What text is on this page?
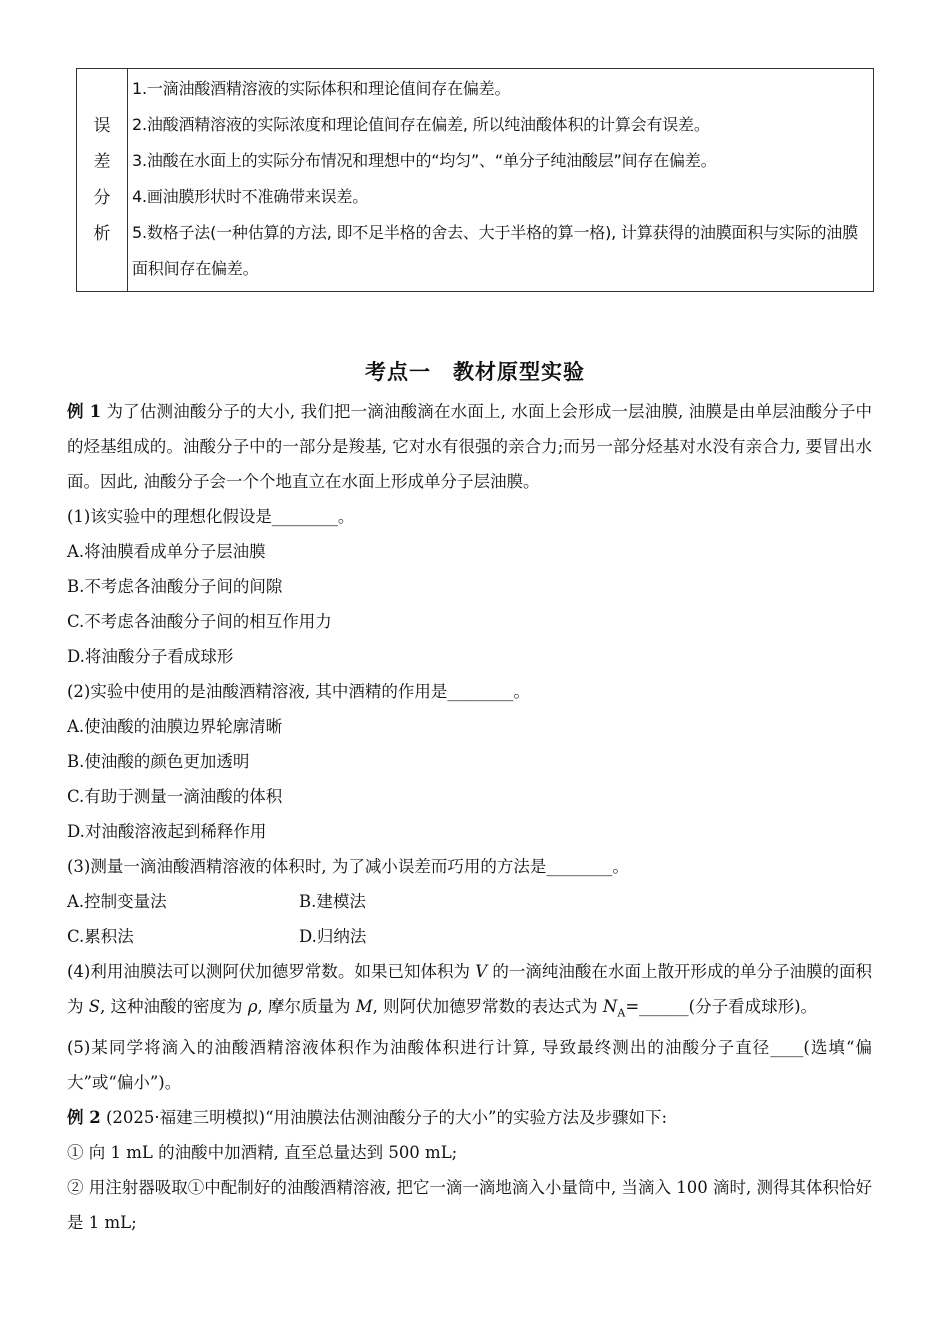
误
差
分
析

1.一滴油酸酒精溶液的实际体积和理论值间存在偏差。

2.油酸酒精溶液的实际浓度和理论值间存在偏差, 所以纯油酸体积的计算会有误差。

3.油酸在水面上的实际分布情况和理想中的“均匀”、“单分子纯油酸层”间存在偏差。

4.画油膜形状时不准确带来误差。

5.数格子法(一种估算的方法, 即不足半格的舍去、大于半格的算一格), 计算获得的油膜面积与实际的油膜面积间存在偏差。

考点一　教材原型实验

例 1 为了估测油酸分子的大小, 我们把一滴油酸滴在水面上, 水面上会形成一层油膜, 油膜是由单层油酸分子中的烃基组成的。油酸分子中的一部分是羧基, 它对水有很强的亲合力;而另一部分烃基对水没有亲合力, 要冒出水面。因此, 油酸分子会一个个地直立在水面上形成单分子层油膜。

(1)该实验中的理想化假设是________。

A.将油膜看成单分子层油膜

B.不考虑各油酸分子间的间隙

C.不考虑各油酸分子间的相互作用力

D.将油酸分子看成球形

(2)实验中使用的是油酸酒精溶液, 其中酒精的作用是________。

A.使油酸的油膜边界轮廓清晰

B.使油酸的颜色更加透明

C.有助于测量一滴油酸的体积

D.对油酸溶液起到稀释作用

(3)测量一滴油酸酒精溶液的体积时, 为了减小误差而巧用的方法是________。

A.控制变量法	B.建模法

C.累积法	D.归纳法

(4)利用油膜法可以测阿伏加德罗常数。如果已知体积为 V 的一滴纯油酸在水面上散开形成的单分子油膜的面积为 S, 这种油酸的密度为 ρ, 摩尔质量为 M, 则阿伏加德罗常数的表达式为 $N_A=\_\_\_\_\_\_$(分子看成球形)。

(5)某同学将滴入的油酸酒精溶液体积作为油酸体积进行计算, 导致最终测出的油酸分子直径____(选填“偏大”或“偏小”)。

例 2 (2025·福建三明模拟)“用油膜法估测油酸分子的大小”的实验方法及步骤如下:

① 向 1 mL 的油酸中加酒精, 直至总量达到 500 mL;

② 用注射器吸取①中配制好的油酸酒精溶液, 把它一滴一滴地滴入小量筒中, 当滴入 100 滴时, 测得其体积恰好是 1 mL;
